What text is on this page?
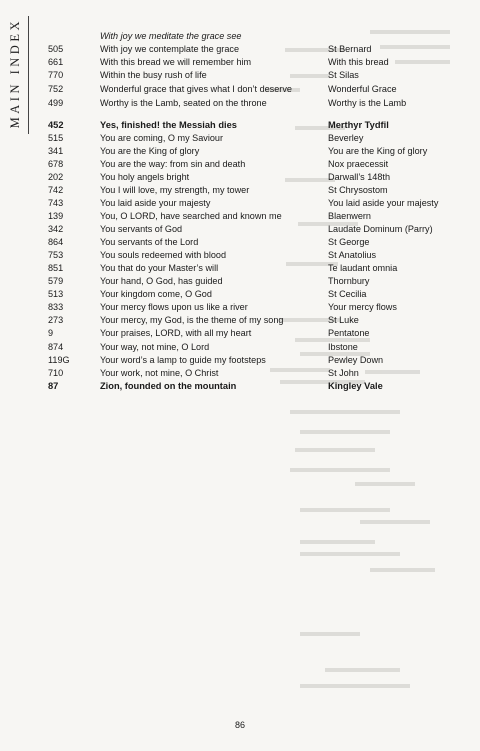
MAIN INDEX	With joy we meditate the grace see
505	With joy we contemplate the grace	St Bernard
661	With this bread we will remember him	With this bread
770	Within the busy rush of life	St Silas
752	Wonderful grace that gives what I don’t deserve	Wonderful Grace
499	Worthy is the Lamb, seated on the throne	Worthy is the Lamb
452	Yes, finished! the Messiah dies	Merthyr Tydfil
515	You are coming, O my Saviour	Beverley
341	You are the King of glory	You are the King of glory
678	You are the way: from sin and death	Nox praecessit
202	You holy angels bright	Darwall’s 148th
742	You I will love, my strength, my tower	St Chrysostom
743	You laid aside your majesty	You laid aside your majesty
139	You, O LORD, have searched and known me	Blaenwern
342	You servants of God	Laudate Dominum (Parry)
864	You servants of the Lord	St George
753	You souls redeemed with blood	St Anatolius
851	You that do your Master’s will	Te laudant omnia
579	Your hand, O God, has guided	Thornbury
513	Your kingdom come, O God	St Cecilia
833	Your mercy flows upon us like a river	Your mercy flows
273	Your mercy, my God, is the theme of my song	St Luke
9	Your praises, LORD, with all my heart	Pentatone
874	Your way, not mine, O Lord	Ibstone
119G	Your word’s a lamp to guide my footsteps	Pewley Down
710	Your work, not mine, O Christ	St John
87	Zion, founded on the mountain	Kingley Vale
86
